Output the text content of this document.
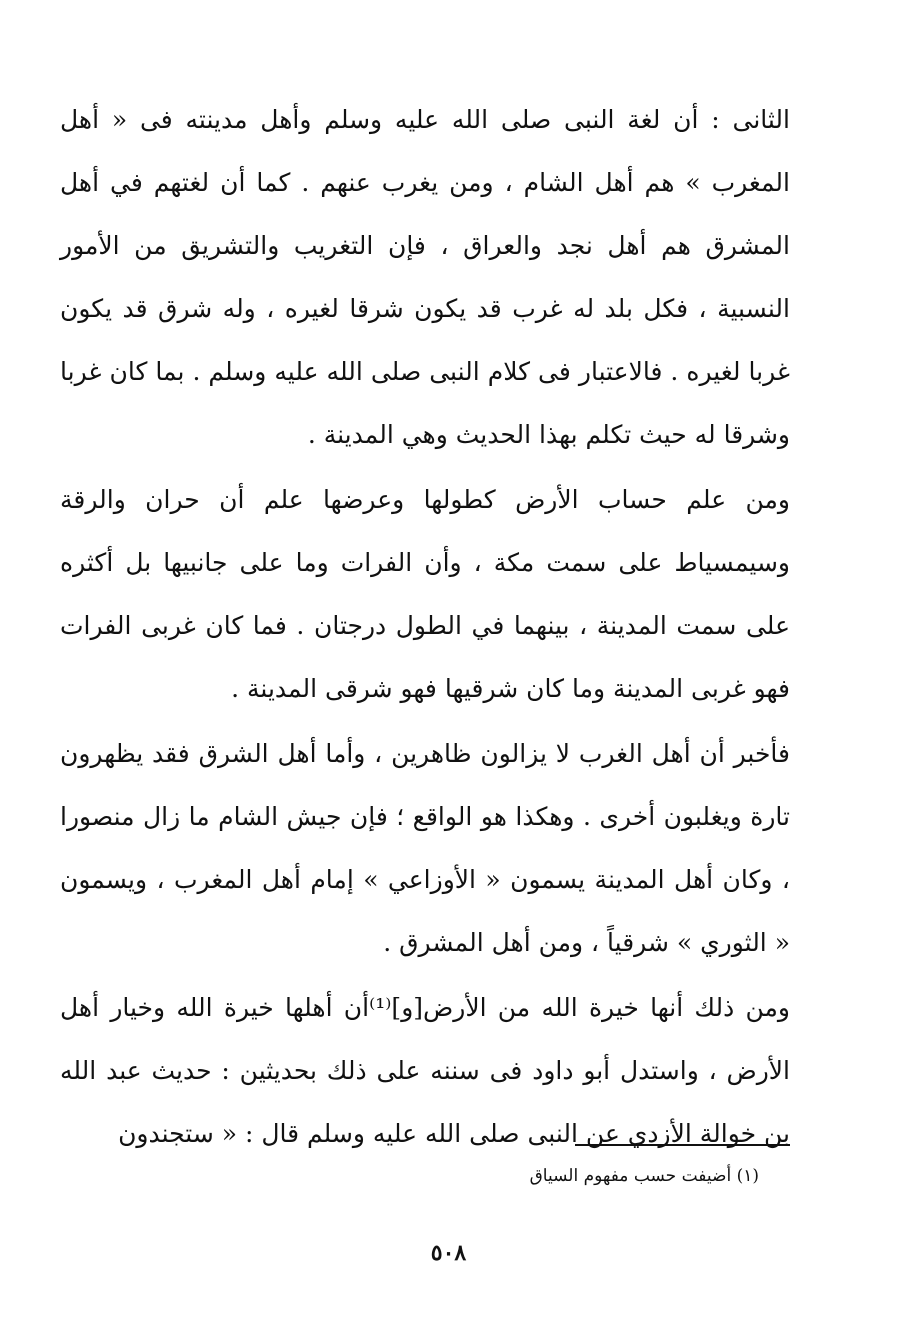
الثانى : أن لغة النبى صلى الله عليه وسلم وأهل مدينته فى « أهل المغرب » هم أهل الشام ، ومن يغرب عنهم . كما أن لغتهم في أهل المشرق هم أهل نجد والعراق ، فإن التغريب والتشريق من الأمور النسبية ، فكل بلد له غرب قد يكون شرقا لغيره ، وله شرق قد يكون غربا لغيره . فالاعتبار فى كلام النبى صلى الله عليه وسلم . بما كان غربا وشرقا له حيث تكلم بهذا الحديث وهي المدينة .

ومن علم حساب الأرض كطولها وعرضها علم أن حران والرقة وسيمسياط على سمت مكة ، وأن الفرات وما على جانبيها بل أكثره على سمت المدينة ، بينهما في الطول درجتان . فما كان غربى الفرات فهو غربى المدينة وما كان شرقيها فهو شرقى المدينة .

فأخبر أن أهل الغرب لا يزالون ظاهرين ، وأما أهل الشرق فقد يظهرون تارة ويغلبون أخرى . وهكذا هو الواقع ؛ فإن جيش الشام ما زال منصورا ، وكان أهل المدينة يسمون « الأوزاعي » إمام أهل المغرب ، ويسمون « الثوري » شرقياً ، ومن أهل المشرق .

ومن ذلك أنها خيرة الله من الأرض[و]⁽¹⁾أن أهلها خيرة الله وخيار أهل الأرض ، واستدل أبو داود فى سننه على ذلك بحديثين : حديث عبد الله بن خوالة الأزدي عن النبى صلى الله عليه وسلم قال : « ستجندون

(١) أضيفت حسب مفهوم السياق
٥٠٨
